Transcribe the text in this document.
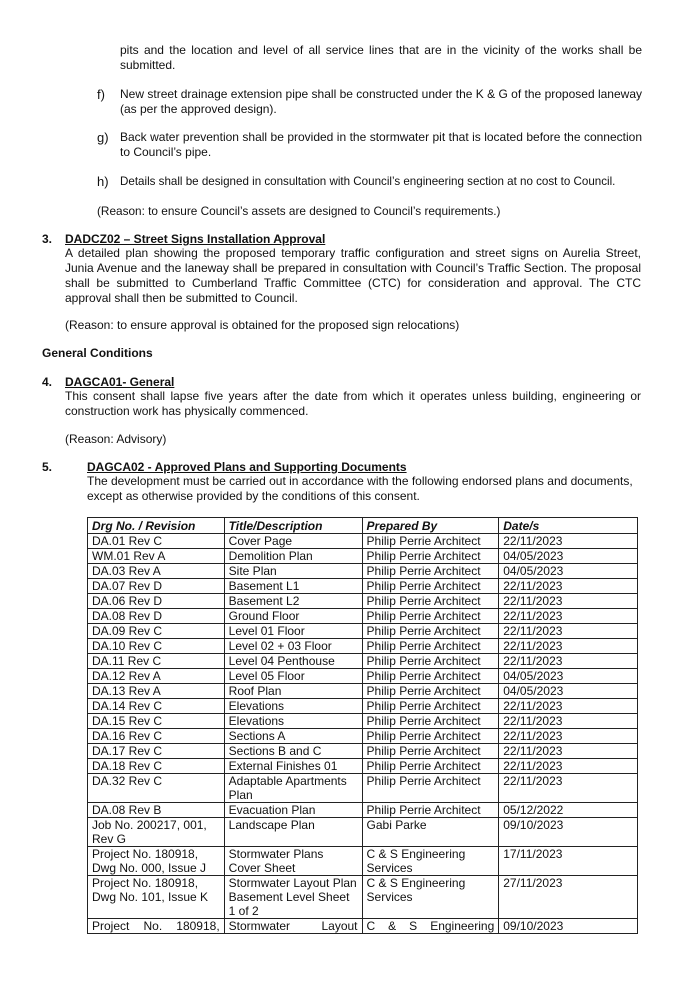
pits and the location and level of all service lines that are in the vicinity of the works shall be submitted.

f)	New street drainage extension pipe shall be constructed under the K & G of the proposed laneway (as per the approved design).

g) Back water prevention shall be provided in the stormwater pit that is located before the connection to Council’s pipe.

h) Details shall be designed in consultation with Council’s engineering section at no cost to Council.

(Reason: to ensure Council’s assets are designed to Council’s requirements.)

3. DADCZ02 – Street Signs Installation Approval

A detailed plan showing the proposed temporary traffic configuration and street signs on Aurelia Street, Junia Avenue and the laneway shall be prepared in consultation with Council’s Traffic Section. The proposal shall be submitted to Cumberland Traffic Committee (CTC) for consideration and approval. The CTC approval shall then be submitted to Council.

(Reason: to ensure approval is obtained for the proposed sign relocations)

General Conditions

4. DAGCA01- General

This consent shall lapse five years after the date from which it operates unless building, engineering or construction work has physically commenced.

(Reason: Advisory)

5.	DAGCA02 - Approved Plans and Supporting Documents

The development must be carried out in accordance with the following endorsed plans and documents, except as otherwise provided by the conditions of this consent.

Drg No. / Revision	Title/Description	Prepared By	Date/s
DA.01 Rev C	Cover Page	Philip Perrie Architect	22/11/2023
WM.01 Rev A	Demolition Plan	Philip Perrie Architect	04/05/2023
DA.03 Rev A	Site Plan	Philip Perrie Architect	04/05/2023
DA.07 Rev D	Basement L1	Philip Perrie Architect	22/11/2023
DA.06 Rev D	Basement L2	Philip Perrie Architect	22/11/2023
DA.08 Rev D	Ground Floor	Philip Perrie Architect	22/11/2023
DA.09 Rev C	Level 01 Floor	Philip Perrie Architect	22/11/2023
DA.10 Rev C	Level 02 + 03 Floor	Philip Perrie Architect	22/11/2023
DA.11 Rev C	Level 04 Penthouse	Philip Perrie Architect	22/11/2023
DA.12 Rev A	Level 05 Floor	Philip Perrie Architect	04/05/2023
DA.13 Rev A	Roof Plan	Philip Perrie Architect	04/05/2023
DA.14 Rev C	Elevations	Philip Perrie Architect	22/11/2023
DA.15 Rev C	Elevations	Philip Perrie Architect	22/11/2023
DA.16 Rev C	Sections A	Philip Perrie Architect	22/11/2023
DA.17 Rev C	Sections B and C	Philip Perrie Architect	22/11/2023
DA.18 Rev C	External Finishes 01	Philip Perrie Architect	22/11/2023
DA.32 Rev C	Adaptable Apartments Plan	Philip Perrie Architect	22/11/2023
DA.08 Rev B	Evacuation Plan	Philip Perrie Architect	05/12/2022
Job No. 200217, 001, Rev G	Landscape Plan	Gabi Parke	09/10/2023
Project No. 180918, Dwg No. 000, Issue J	Stormwater Plans Cover Sheet	C & S Engineering Services	17/11/2023
Project No. 180918, Dwg No. 101, Issue K	Stormwater Layout Plan Basement Level Sheet 1 of 2	C & S Engineering Services	27/11/2023
Project No. 180918,	Stormwater Layout	C & S Engineering	09/10/2023
